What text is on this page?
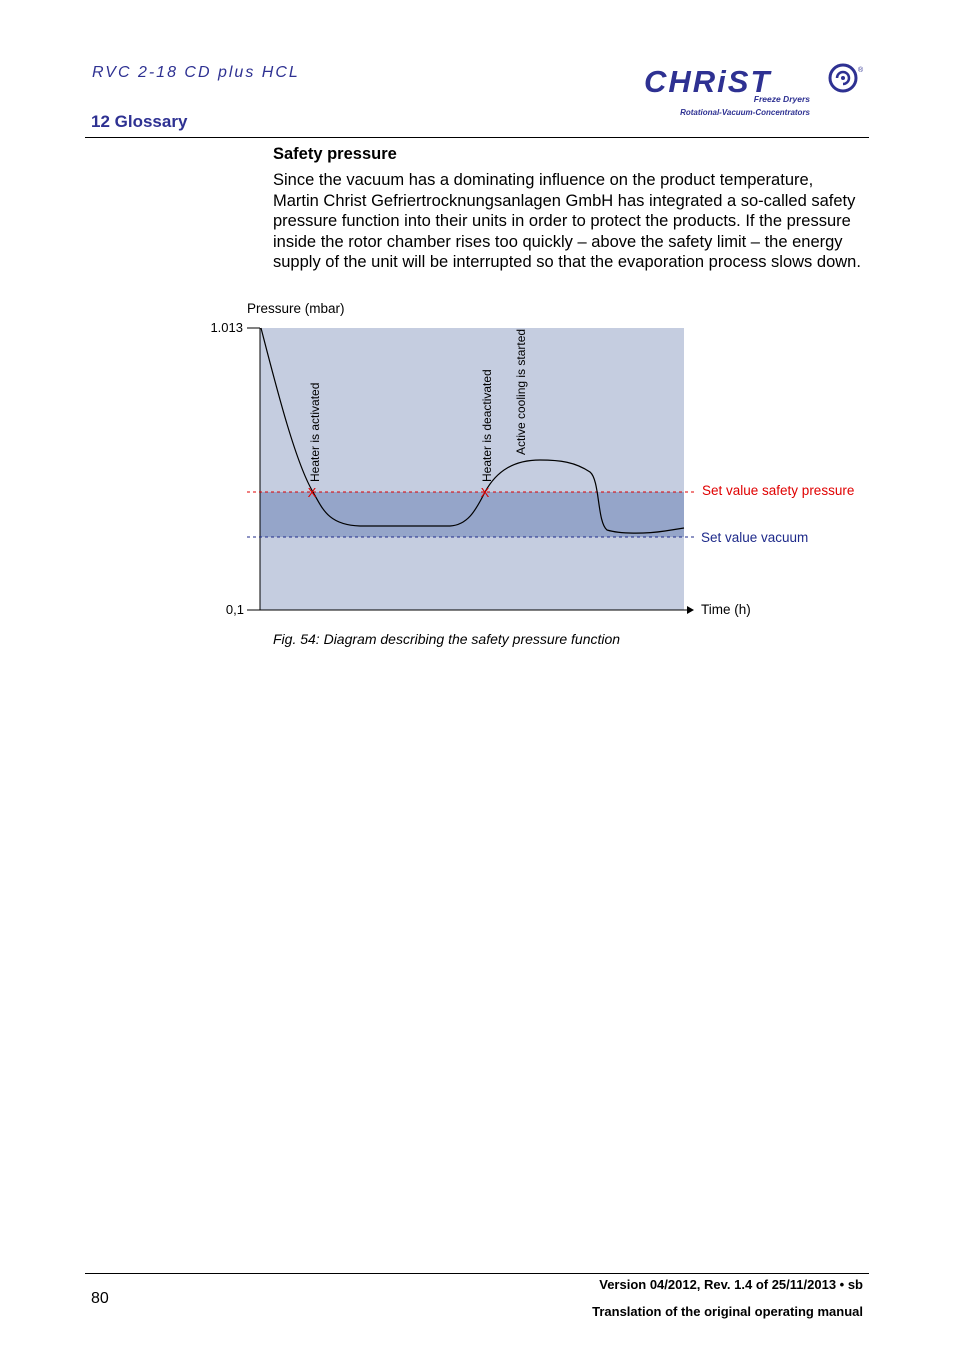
RVC 2-18 CD plus HCL
12 Glossary
CHRiST	®
Freeze Dryers
Rotational-Vacuum-Concentrators
Safety pressure
Since the vacuum has a dominating influence on the product temperature, Martin Christ Gefriertrocknungsanlagen GmbH has integrated a so-called safety pressure function into their units in order to protect the products. If the pressure inside the rotor chamber rises too quickly – above the safety limit – the energy supply of the unit will be interrupted so that the evaporation process slows down.
X	X
Pressure (mbar)
1.013
0,1	Time (h)
Heater is activated	Heater is deactivated Active cooling is started
Set value safety pressure
Set value vacuum
Fig. 54: Diagram describing the safety pressure function
80
Version 04/2012, Rev. 1.4 of 25/11/2013 • sb
Translation of the original operating manual
